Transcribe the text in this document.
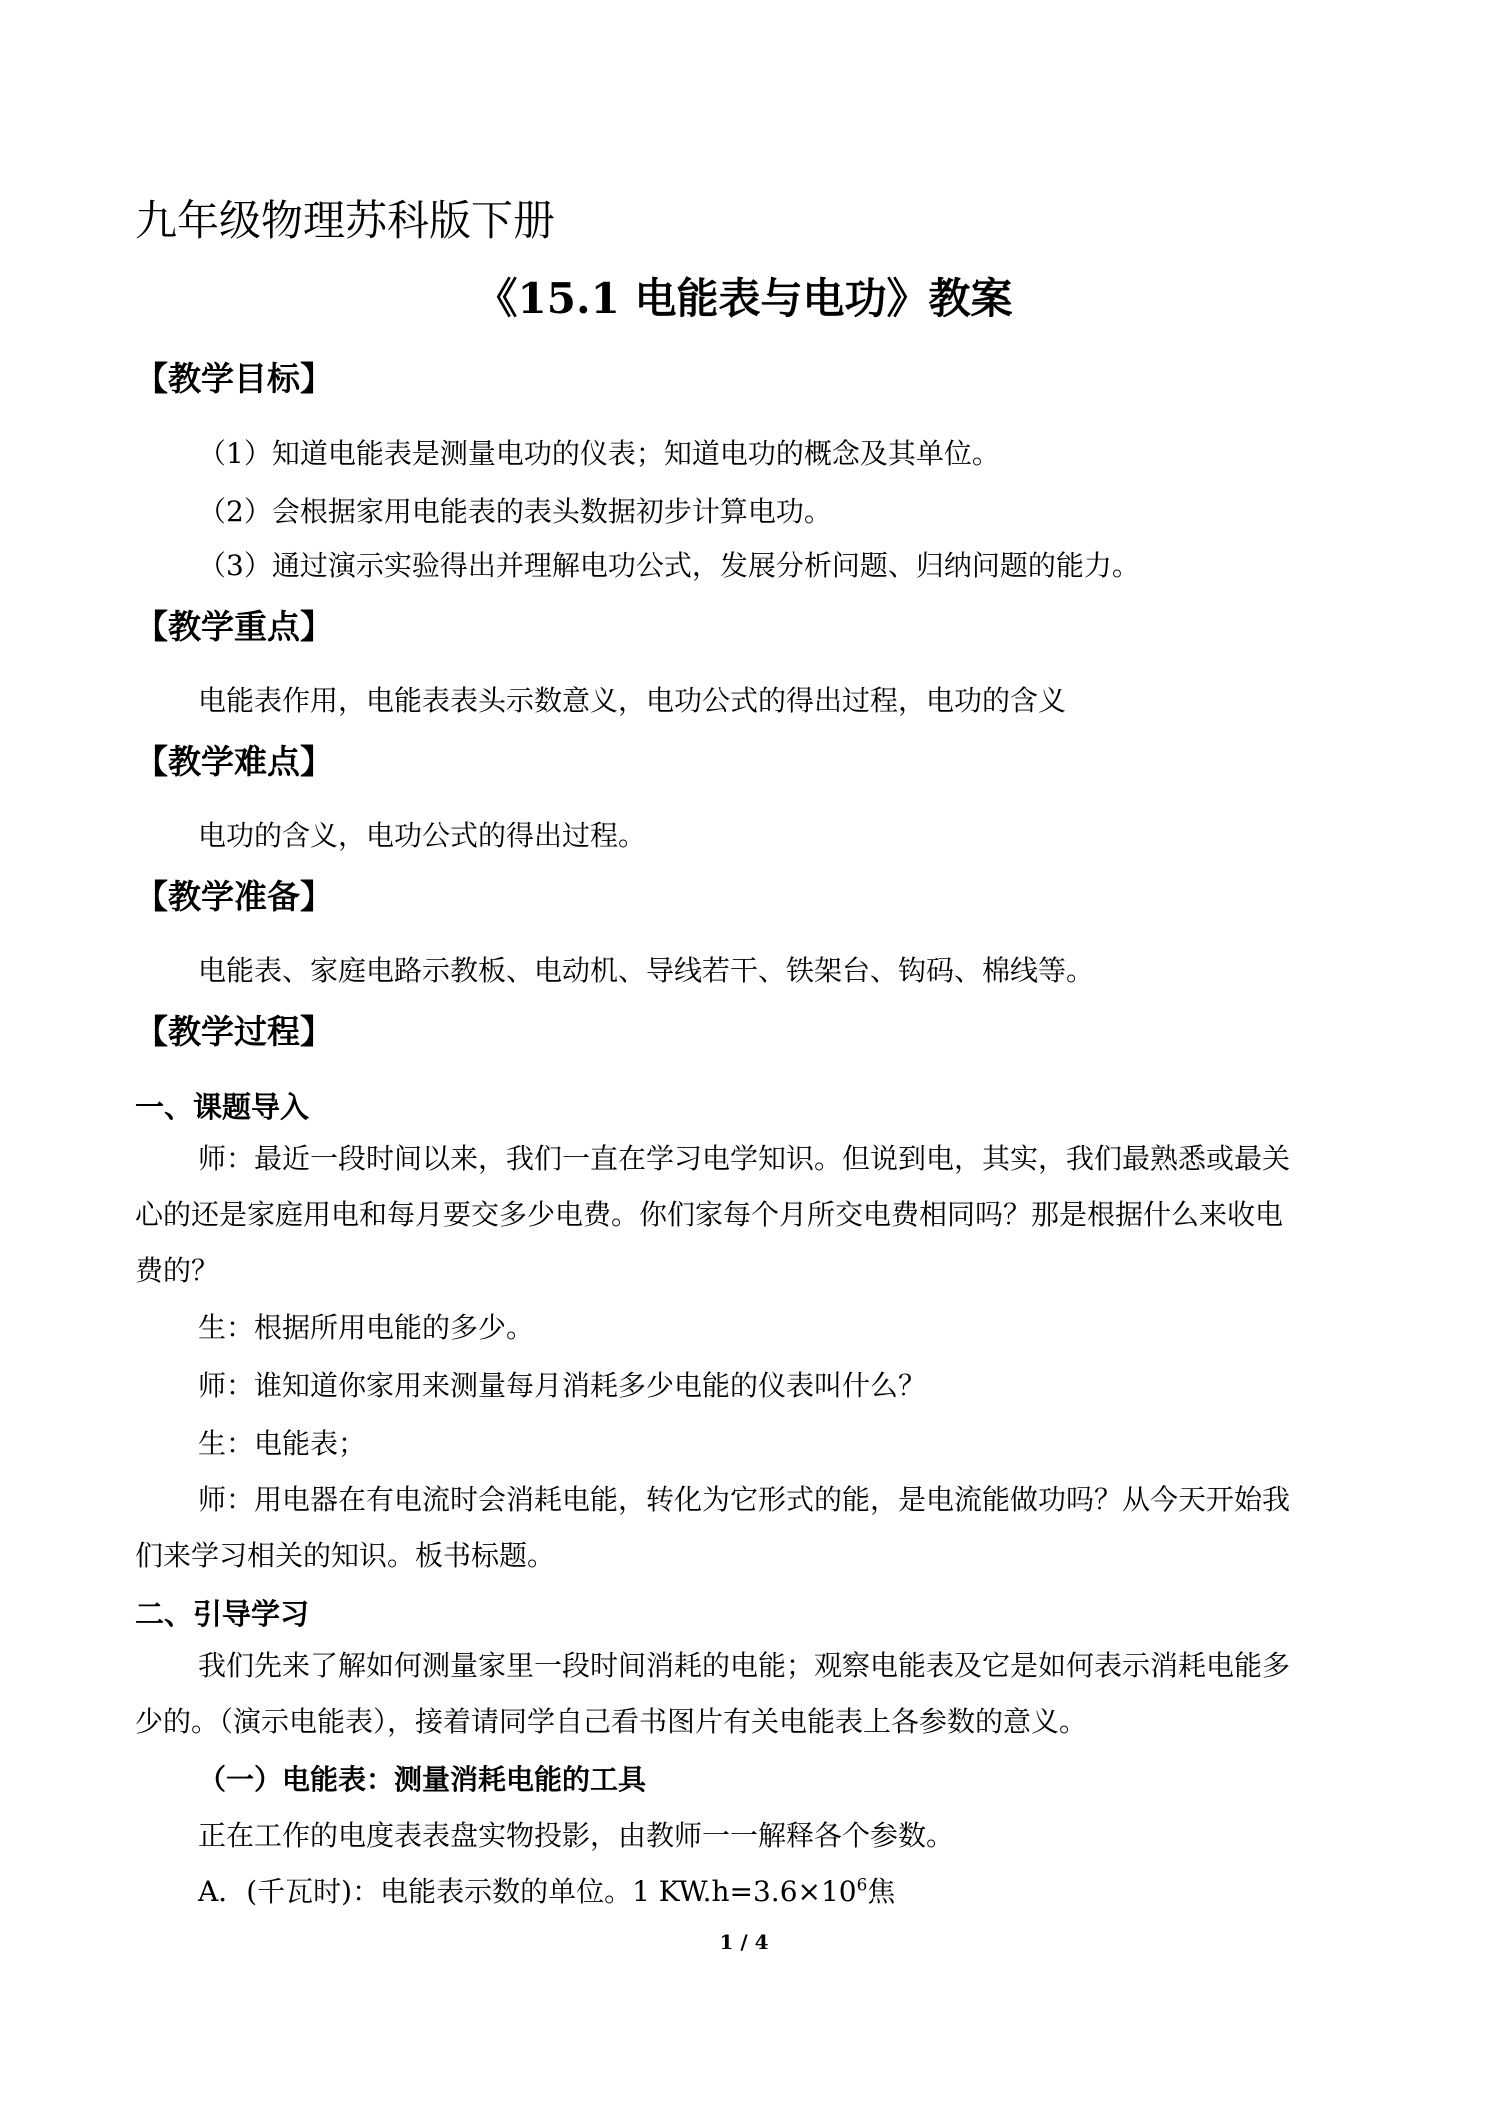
九年级物理苏科版下册
《15.1 电能表与电功》教案
【教学目标】
（1）知道电能表是测量电功的仪表；知道电功的概念及其单位。
（2）会根据家用电能表的表头数据初步计算电功。
（3）通过演示实验得出并理解电功公式，发展分析问题、归纳问题的能力。
【教学重点】
电能表作用，电能表表头示数意义，电功公式的得出过程，电功的含义
【教学难点】
电功的含义，电功公式的得出过程。
【教学准备】
电能表、家庭电路示教板、电动机、导线若干、铁架台、钩码、棉线等。
【教学过程】
一、课题导入
师：最近一段时间以来，我们一直在学习电学知识。但说到电，其实，我们最熟悉或最关
心的还是家庭用电和每月要交多少电费。你们家每个月所交电费相同吗？那是根据什么来收电
费的？
生：根据所用电能的多少。
师：谁知道你家用来测量每月消耗多少电能的仪表叫什么？
生：电能表；
师：用电器在有电流时会消耗电能，转化为它形式的能，是电流能做功吗？从今天开始我
们来学习相关的知识。板书标题。
二、引导学习
我们先来了解如何测量家里一段时间消耗的电能；观察电能表及它是如何表示消耗电能多
少的。（演示电能表），接着请同学自己看书图片有关电能表上各参数的意义。
（一）电能表：测量消耗电能的工具
正在工作的电度表表盘实物投影，由教师一一解释各个参数。
A．(千瓦时)：电能表示数的单位。1 $KW.h=3.6\times 10^6$焦
1 / 4
